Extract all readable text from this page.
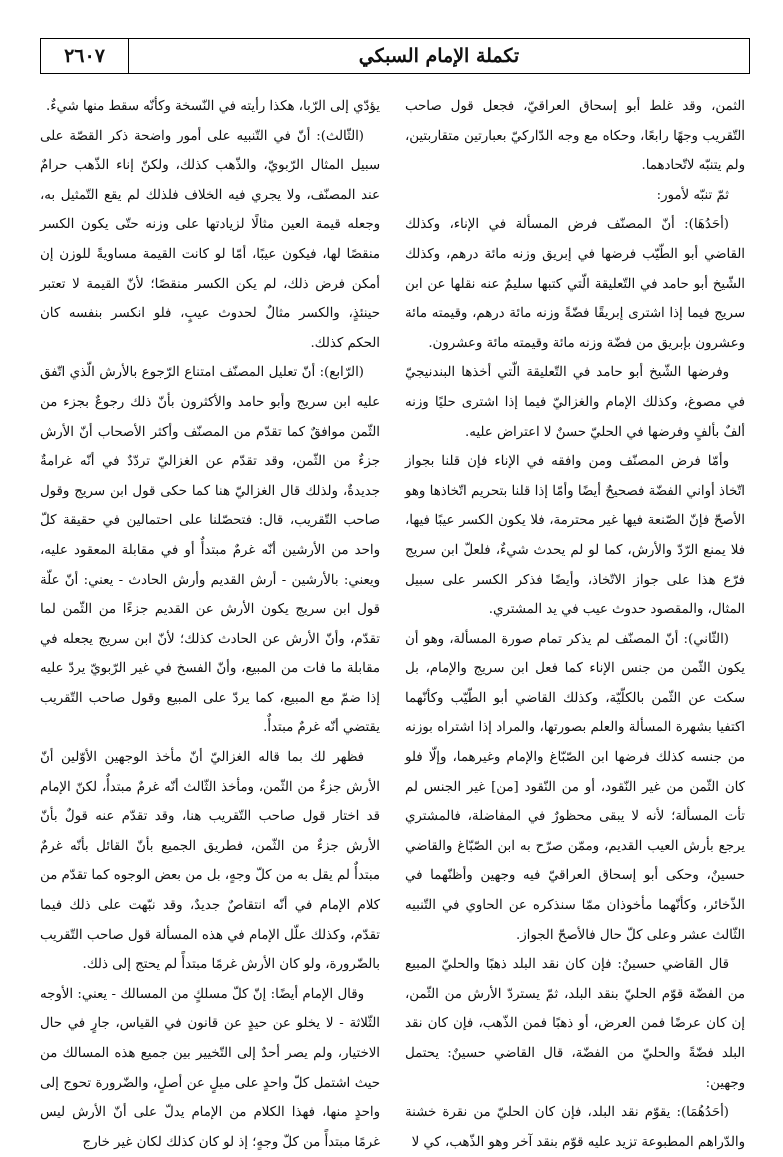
تكملة الإمام السبكي
٢٦٠٧

الثمن، وقد غلط أبو إسحاق العراقيّ، فجعل قول صاحب التّقريب وجهًا رابعًا، وحكاه مع وجه الدّاركيّ بعبارتين متقاربتين، ولم يتنبّه لاتّحادهما.

ثمّ تنبّه لأمور:

(أحَدُهَا): أنّ المصنّف فرض المسألة في الإناء، وكذلك القاضي أبو الطّيّب فرضها في إبريق وزنه مائة درهم، وكذلك الشّيخ أبو حامد في التّعليقة الّتي كتبها سليمٌ عنه نقلها عن ابن سريج فيما إذا اشترى إبريقًا فضّةً وزنه مائة درهم، وقيمته مائة وعشرون بإبريق من فضّة وزنه مائة وقيمته مائة وعشرون.

وفرضها الشّيخ أبو حامد في التّعليقة الّتي أخذها البندنيجيّ في مصوغ، وكذلك الإمام والغزاليّ فيما إذا اشترى حليًا وزنه ألفٌ بألفٍ وفرضها في الحليّ حسنٌ لا اعتراض عليه.

وأمّا فرض المصنّف ومن وافقه في الإناء فإن قلنا بجواز اتّخاذ أواني الفضّة فصحيحٌ أيضًا وأمّا إذا قلنا بتحريم اتّخاذها وهو الأصحّ فإنّ الصّنعة فيها غير محترمة، فلا يكون الكسر عيبًا فيها، فلا يمنع الرّدّ والأرش، كما لو لم يحدث شيءٌ، فلعلّ ابن سريج فرّع هذا على جواز الاتّخاذ، وأيضًا فذكر الكسر على سبيل المثال، والمقصود حدوث عيب في يد المشتري.

(الثّاني): أنّ المصنّف لم يذكر تمام صورة المسألة، وهو أن يكون الثّمن من جنس الإناء كما فعل ابن سريج والإمام، بل سكت عن الثّمن بالكلّيّة، وكذلك القاضي أبو الطّيّب وكأنّهما اكتفيا بشهرة المسألة والعلم بصورتها، والمراد إذا اشتراه بوزنه من جنسه كذلك فرضها ابن الصّبّاغ والإمام وغيرهما، وإلّا فلو كان الثّمن من غير النّقود، أو من النّقود [من] غير الجنس لم تأت المسألة؛ لأنه لا يبقى محظورٌ في المفاضلة، فالمشتري يرجع بأرش العيب القديم، وممّن صرّح به ابن الصّبّاغ والقاضي حسينٌ، وحكى أبو إسحاق العراقيّ فيه وجهين وأظنّهما في الذّخائر، وكأنّهما مأخوذان ممّا سنذكره عن الحاوي في التّنبيه الثّالث عشر وعلى كلّ حال فالأصحّ الجواز.

قال القاضي حسينٌ: فإن كان نقد البلد ذهبًا والحليّ المبيع من الفضّة قوّم الحليّ بنقد البلد، ثمّ يستردّ الأرش من الثّمن، إن كان عرضًا فمن العرض، أو ذهبًا فمن الذّهب، فإن كان نقد البلد فضّةً والحليّ من الفضّة، قال القاضي حسينٌ: يحتمل وجهين:

(أحَدُهُمَا): يقوّم نقد البلد، فإن كان الحليّ من نقرة خشنة والدّراهم المطبوعة تزيد عليه قوّم بنقد آخر وهو الذّهب، كي لا

يؤدّي إلى الرّبا، هكذا رأيته في النّسخة وكأنّه سقط منها شيءٌ.

(الثّالث): أنّ في التّنبيه على أمور واضحة ذكر القصّة على سبيل المثال الرّبويّ، والذّهب كذلك، ولكنّ إناء الذّهب حرامٌ عند المصنّف، ولا يجري فيه الخلاف فلذلك لم يقع التّمثيل به، وجعله قيمة العين مثالًا لزيادتها على وزنه حتّى يكون الكسر منقصًا لها، فيكون عيبًا، أمّا لو كانت القيمة مساويةً للوزن إن أمكن فرض ذلك، لم يكن الكسر منقصًا؛ لأنّ القيمة لا تعتبر حينئذٍ، والكسر مثالٌ لحدوث عيبٍ، فلو انكسر بنفسه كان الحكم كذلك.

(الرّابع): أنّ تعليل المصنّف امتناع الرّجوع بالأرش الّذي اتّفق عليه ابن سريج وأبو حامد والأكثرون بأنّ ذلك رجوعٌ بجزء من الثّمن موافقٌ كما تقدّم من المصنّف وأكثر الأصحاب أنّ الأرش جزءٌ من الثّمن، وقد تقدّم عن الغزاليّ تردّدٌ في أنّه غرامةٌ جديدةٌ، ولذلك قال الغزاليّ هنا كما حكى قول ابن سريج وقول صاحب التّقريب، قال: فتحصّلنا على احتمالين في حقيقة كلّ واحد من الأرشين أنّه غرمٌ مبتدأٌ أو في مقابلة المعقود عليه، ويعني: بالأرشين - أرش القديم وأرش الحادث - يعني: أنّ علّة قول ابن سريج يكون الأرش عن القديم جزءًا من الثّمن لما تقدّم، وأنّ الأرش عن الحادث كذلك؛ لأنّ ابن سريج يجعله في مقابلة ما فات من المبيع، وأنّ الفسخ في غير الرّبويّ يردّ عليه إذا ضمّ مع المبيع، كما يردّ على المبيع وقول صاحب التّقريب يقتضي أنّه غرمٌ مبتدأٌ.

فظهر لك بما قاله الغزاليّ أنّ مأخذ الوجهين الأوّلين أنّ الأرش جزءٌ من الثّمن، ومأخذ الثّالث أنّه غرمٌ مبتدأٌ، لكنّ الإمام قد اختار قول صاحب التّقريب هنا، وقد تقدّم عنه قولٌ بأنّ الأرش جزءٌ من الثّمن، فطريق الجميع بأنّ القائل بأنّه غرمٌ مبتدأٌ لم يقل به من كلّ وجهٍ، بل من بعض الوجوه كما تقدّم من كلام الإمام في أنّه انتقاصٌ جديدٌ، وقد نبّهت على ذلك فيما تقدّم، وكذلك علّل الإمام في هذه المسألة قول صاحب التّقريب بالضّرورة، ولو كان الأرش غرمًا مبتدأً لم يحتج إلى ذلك.

وقال الإمام أيضًا: إنّ كلّ مسلكٍ من المسالك - يعني: الأوجه الثّلاثة - لا يخلو عن حيدٍ عن قانون في القياس، جارٍ في حال الاختيار، ولم يصر أحدٌ إلى التّخيير بين جميع هذه المسالك من حيث اشتمل كلّ واحدٍ على ميلٍ عن أصلٍ، والضّرورة تحوج إلى واحدٍ منها، فهذا الكلام من الإمام يدلّ على أنّ الأرش ليس غرمًا مبتدأً من كلّ وجهٍ؛ إذ لو كان كذلك لكان غير خارج
